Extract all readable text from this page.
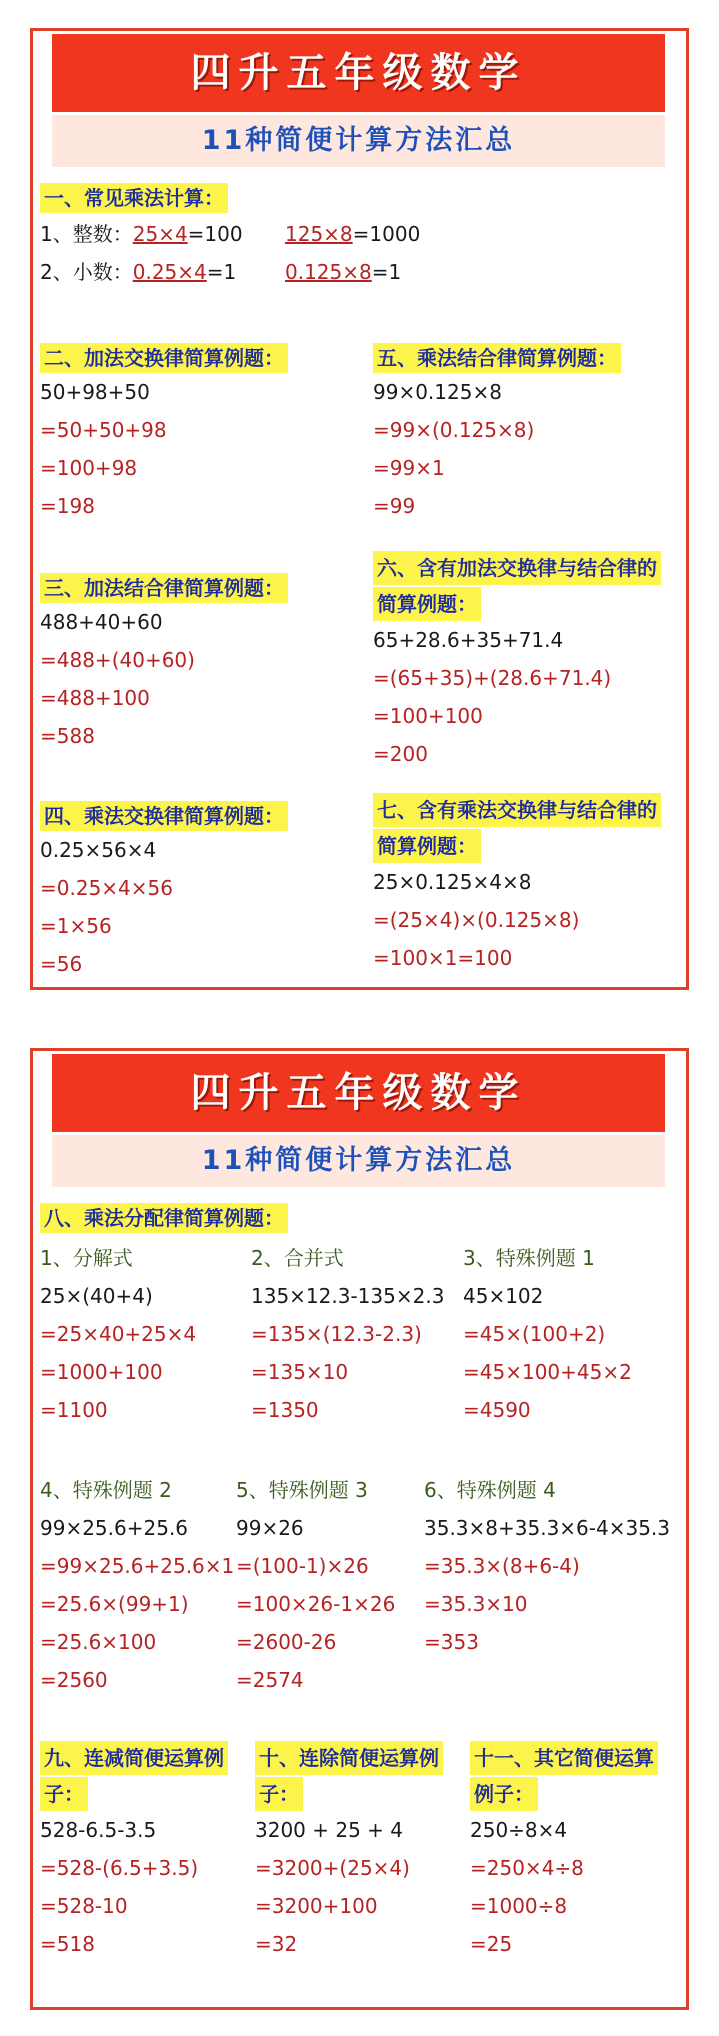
四升五年级数学
11种简便计算方法汇总
一、常见乘法计算：
1、整数：25×4=100 125×8=1000
2、小数：0.25×4=1 0.125×8=1
二、加法交换律简算例题：
50+98+50
=50+50+98
=100+98
=198
三、加法结合律简算例题：
488+40+60
=488+(40+60)
=488+100
=588
四、乘法交换律简算例题：
0.25×56×4
=0.25×4×56
=1×56
=56
五、乘法结合律简算例题：
99×0.125×8
=99×(0.125×8)
=99×1
=99
六、含有加法交换律与结合律的
简算例题：
65+28.6+35+71.4
=(65+35)+(28.6+71.4)
=100+100
=200
七、含有乘法交换律与结合律的
简算例题：
25×0.125×4×8
=(25×4)×(0.125×8)
=100×1=100
四升五年级数学
11种简便计算方法汇总
八、乘法分配律简算例题：
1、分解式
25×(40+4)
=25×40+25×4
=1000+100
=1100
2、合并式
135×12.3-135×2.3
=135×(12.3-2.3)
=135×10
=1350
3、特殊例题 1
45×102
=45×(100+2)
=45×100+45×2
=4590
4、特殊例题 2
99×25.6+25.6
=99×25.6+25.6×1
=25.6×(99+1)
=25.6×100
=2560
5、特殊例题 3
99×26
=(100-1)×26
=100×26-1×26
=2600-26
=2574
6、特殊例题 4
35.3×8+35.3×6-4×35.3
=35.3×(8+6-4)
=35.3×10
=353
九、连减简便运算例
子：
528-6.5-3.5
=528-(6.5+3.5)
=528-10
=518
十、连除简便运算例
子：
3200 + 25 + 4
=3200+(25×4)
=3200+100
=32
十一、其它简便运算
例子：
250÷8×4
=250×4÷8
=1000÷8
=25
